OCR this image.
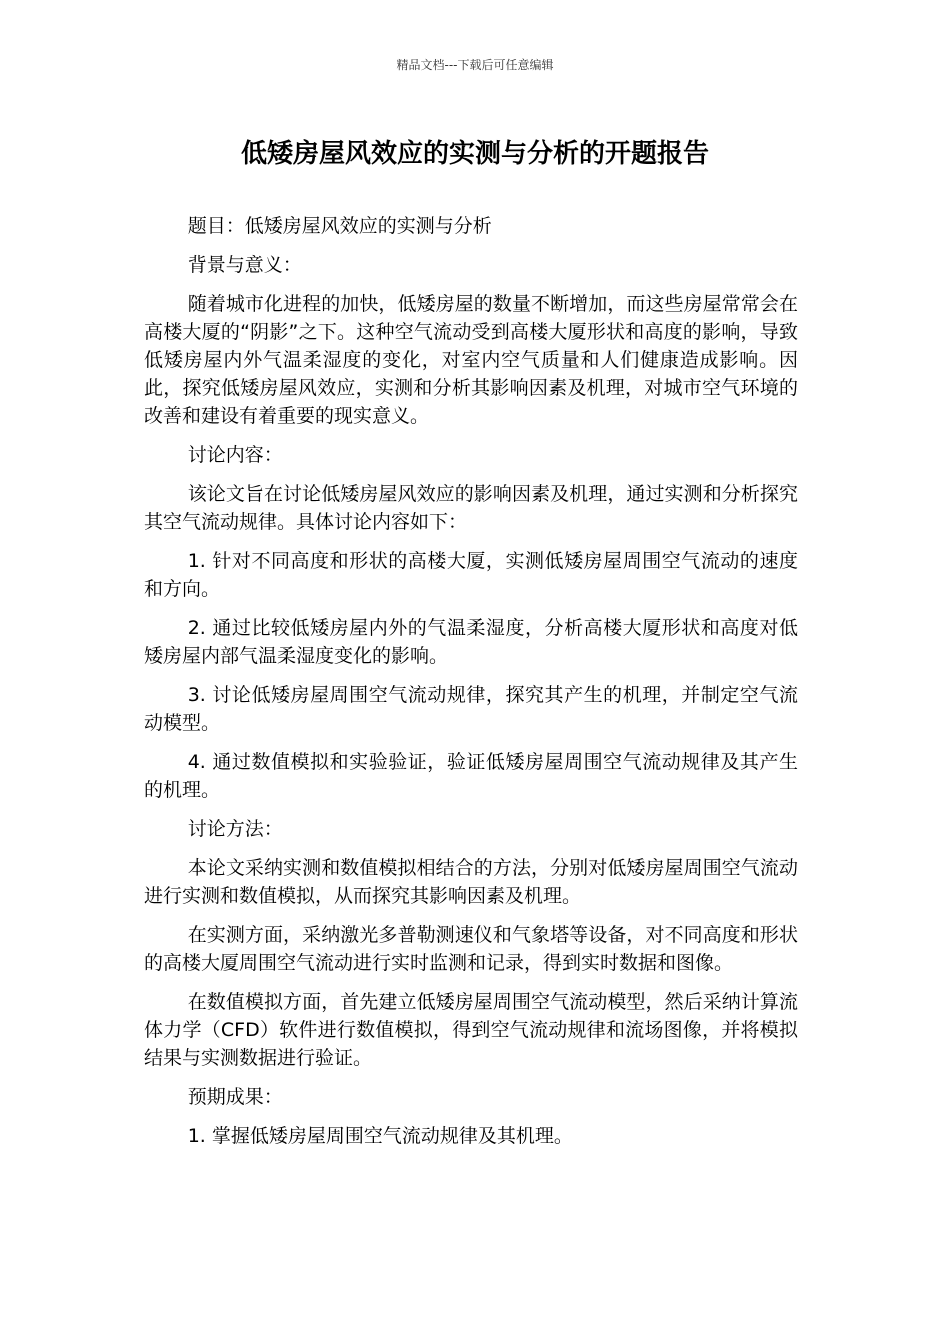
精品文档---下载后可任意编辑
低矮房屋风效应的实测与分析的开题报告

题目：低矮房屋风效应的实测与分析

背景与意义：

随着城市化进程的加快，低矮房屋的数量不断增加，而这些房屋常常会在高楼大厦的“阴影”之下。这种空气流动受到高楼大厦形状和高度的影响，导致低矮房屋内外气温柔湿度的变化，对室内空气质量和人们健康造成影响。因此，探究低矮房屋风效应，实测和分析其影响因素及机理，对城市空气环境的改善和建设有着重要的现实意义。

讨论内容：

该论文旨在讨论低矮房屋风效应的影响因素及机理，通过实测和分析探究其空气流动规律。具体讨论内容如下：

1. 针对不同高度和形状的高楼大厦，实测低矮房屋周围空气流动的速度和方向。

2. 通过比较低矮房屋内外的气温柔湿度，分析高楼大厦形状和高度对低矮房屋内部气温柔湿度变化的影响。

3. 讨论低矮房屋周围空气流动规律，探究其产生的机理，并制定空气流动模型。

4. 通过数值模拟和实验验证，验证低矮房屋周围空气流动规律及其产生的机理。

讨论方法：

本论文采纳实测和数值模拟相结合的方法，分别对低矮房屋周围空气流动进行实测和数值模拟，从而探究其影响因素及机理。

在实测方面，采纳激光多普勒测速仪和气象塔等设备，对不同高度和形状的高楼大厦周围空气流动进行实时监测和记录，得到实时数据和图像。

在数值模拟方面，首先建立低矮房屋周围空气流动模型，然后采纳计算流体力学（CFD）软件进行数值模拟，得到空气流动规律和流场图像，并将模拟结果与实测数据进行验证。

预期成果：

1. 掌握低矮房屋周围空气流动规律及其机理。
